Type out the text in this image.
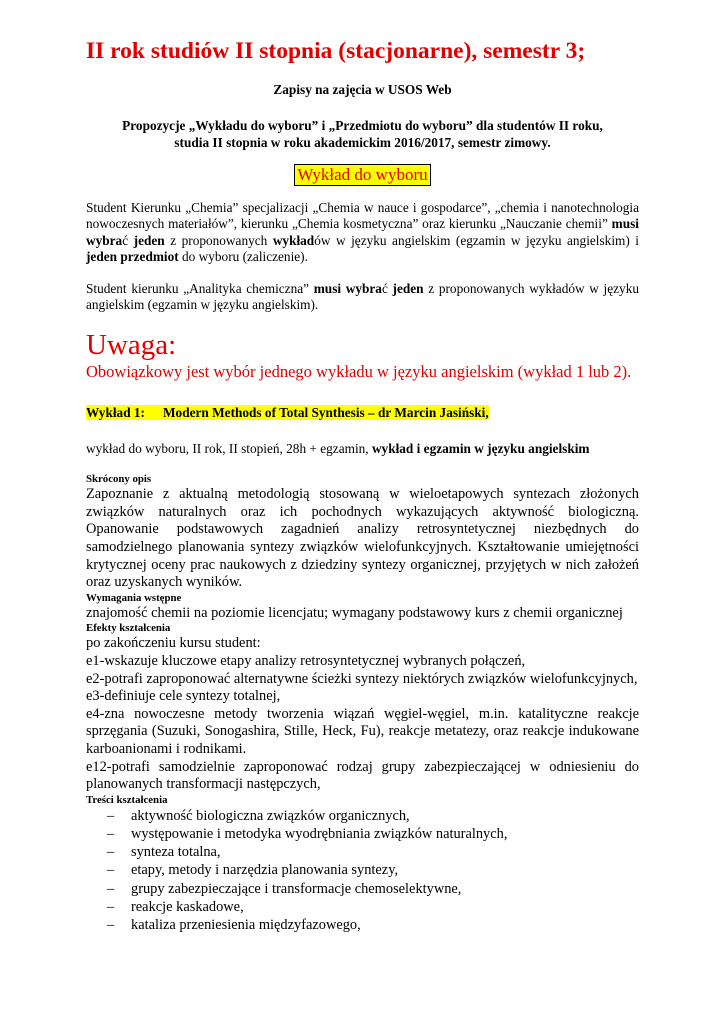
II rok studiów II stopnia (stacjonarne), semestr 3;
Zapisy na zajęcia w USOS Web
Propozycje „Wykładu do wyboru” i „Przedmiotu do wyboru” dla studentów II roku,
studia II stopnia w roku akademickim 2016/2017, semestr zimowy.
Wykład do wyboru

Student Kierunku „Chemia” specjalizacji „Chemia w nauce i gospodarce”, „chemia i nanotechnologia nowoczesnych materiałów”, kierunku „Chemia kosmetyczna” oraz kierunku „Nauczanie chemii” musi wybrać jeden z proponowanych wykładów w języku angielskim (egzamin w języku angielskim) i jeden przedmiot do wyboru (zaliczenie).

Student kierunku „Analityka chemiczna” musi wybrać jeden z proponowanych wykładów w języku angielskim (egzamin w języku angielskim).

Uwaga:
Obowiązkowy jest wybór jednego wykładu w języku angielskim (wykład 1 lub 2).
Wykład 1: Modern Methods of Total Synthesis – dr Marcin Jasiński,
wykład do wyboru, II rok, II stopień, 28h + egzamin, wykład i egzamin w języku angielskim
Skrócony opis

Zapoznanie z aktualną metodologią stosowaną w wieloetapowych syntezach złożonych związków naturalnych oraz ich pochodnych wykazujących aktywność biologiczną. Opanowanie podstawowych zagadnień analizy retrosyntetycznej niezbędnych do samodzielnego planowania syntezy związków wielofunkcyjnych. Kształtowanie umiejętności krytycznej oceny prac naukowych z dziedziny syntezy organicznej, przyjętych w nich założeń oraz uzyskanych wyników.

Wymagania wstępne

znajomość chemii na poziomie licencjatu; wymagany podstawowy kurs z chemii organicznej

Efekty kształcenia

po zakończeniu kursu student:

e1-wskazuje kluczowe etapy analizy retrosyntetycznej wybranych połączeń,

e2-potrafi zaproponować alternatywne ścieżki syntezy niektórych związków wielofunkcyjnych,

e3-definiuje cele syntezy totalnej,

e4-zna nowoczesne metody tworzenia wiązań węgiel-węgiel, m.in. katalityczne reakcje sprzęgania (Suzuki, Sonogashira, Stille, Heck, Fu), reakcje metatezy, oraz reakcje indukowane karboanionami i rodnikami.

e12-potrafi samodzielnie zaproponować rodzaj grupy zabezpieczającej w odniesieniu do planowanych transformacji następczych,

Treści kształcenia
– aktywność biologiczna związków organicznych,
– występowanie i metodyka wyodrębniania związków naturalnych,
– synteza totalna,
– etapy, metody i narzędzia planowania syntezy,
– grupy zabezpieczające i transformacje chemoselektywne,
– reakcje kaskadowe,
– kataliza przeniesienia międzyfazowego,
